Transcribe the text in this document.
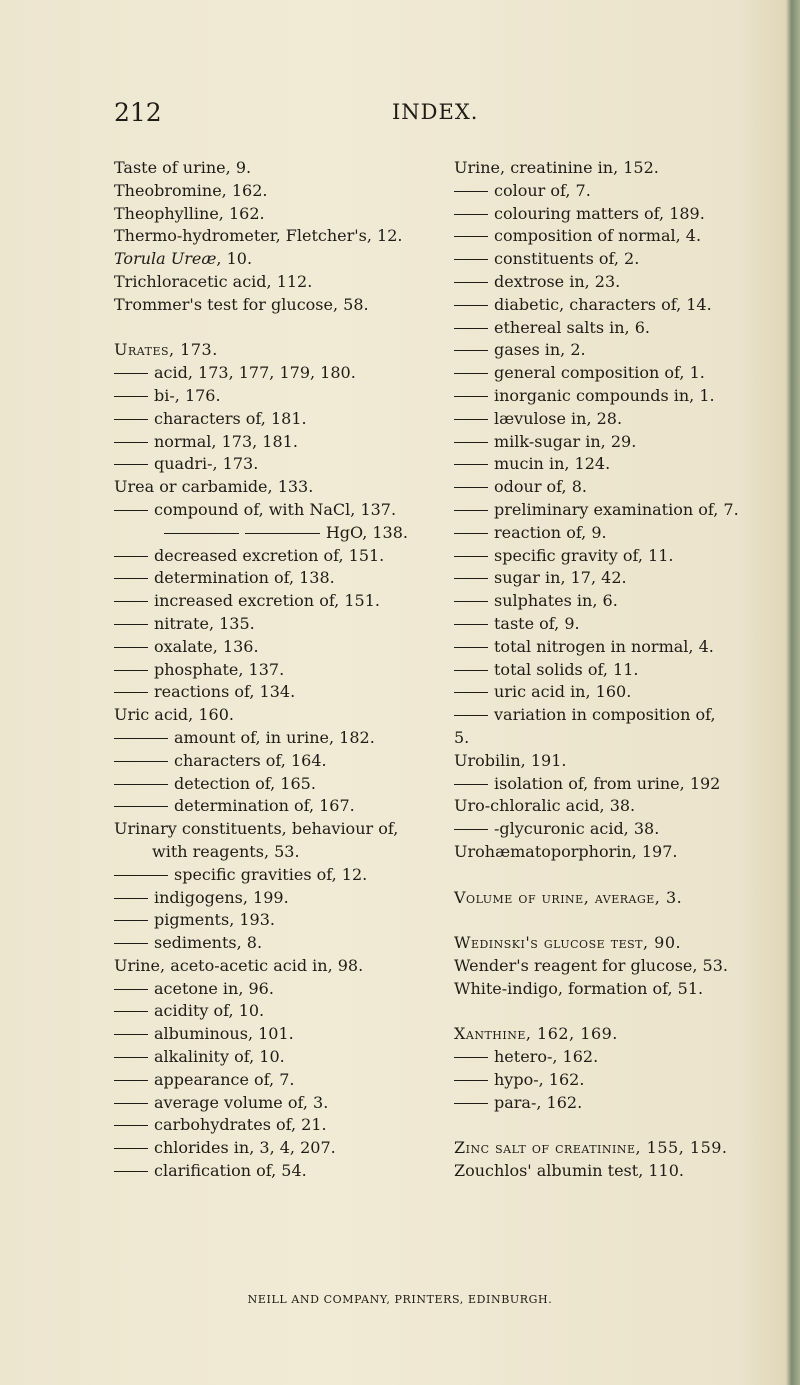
212	INDEX.
Taste of urine, 9.
Theobromine, 162.
Theophylline, 162.
Thermo-hydrometer, Fletcher's, 12.
Torula Ureæ, 10.
Trichloracetic acid, 112.
Trommer's test for glucose, 58.
Urates, 173.
acid, 173, 177, 179, 180.
bi-, 176.
characters of, 181.
normal, 173, 181.
quadri-, 173.
Urea or carbamide, 133.
compound of, with NaCl, 137.
HgO, 138.
decreased excretion of, 151.
determination of, 138.
increased excretion of, 151.
nitrate, 135.
oxalate, 136.
phosphate, 137.
reactions of, 134.
Uric acid, 160.
amount of, in urine, 182.
characters of, 164.
detection of, 165.
determination of, 167.
Urinary constituents, behaviour of,
with reagents, 53.
specific gravities of, 12.
indigogens, 199.
pigments, 193.
sediments, 8.
Urine, aceto-acetic acid in, 98.
acetone in, 96.
acidity of, 10.
albuminous, 101.
alkalinity of, 10.
appearance of, 7.
average volume of, 3.
carbohydrates of, 21.
chlorides in, 3, 4, 207.
clarification of, 54.
Urine, creatinine in, 152.
colour of, 7.
colouring matters of, 189.
composition of normal, 4.
constituents of, 2.
dextrose in, 23.
diabetic, characters of, 14.
ethereal salts in, 6.
gases in, 2.
general composition of, 1.
inorganic compounds in, 1.
lævulose in, 28.
milk-sugar in, 29.
mucin in, 124.
odour of, 8.
preliminary examination of, 7.
reaction of, 9.
specific gravity of, 11.
sugar in, 17, 42.
sulphates in, 6.
taste of, 9.
total nitrogen in normal, 4.
total solids of, 11.
uric acid in, 160.
variation in composition of,
5.
Urobilin, 191.
isolation of, from urine, 192
Uro-chloralic acid, 38.
-glycuronic acid, 38.
Urohæmatoporphorin, 197.
Volume of urine, average, 3.
Wedinski's glucose test, 90.
Wender's reagent for glucose, 53.
White-indigo, formation of, 51.
Xanthine, 162, 169.
hetero-, 162.
hypo-, 162.
para-, 162.
Zinc salt of creatinine, 155, 159.
Zouchlos' albumin test, 110.
NEILL AND COMPANY, PRINTERS, EDINBURGH.
